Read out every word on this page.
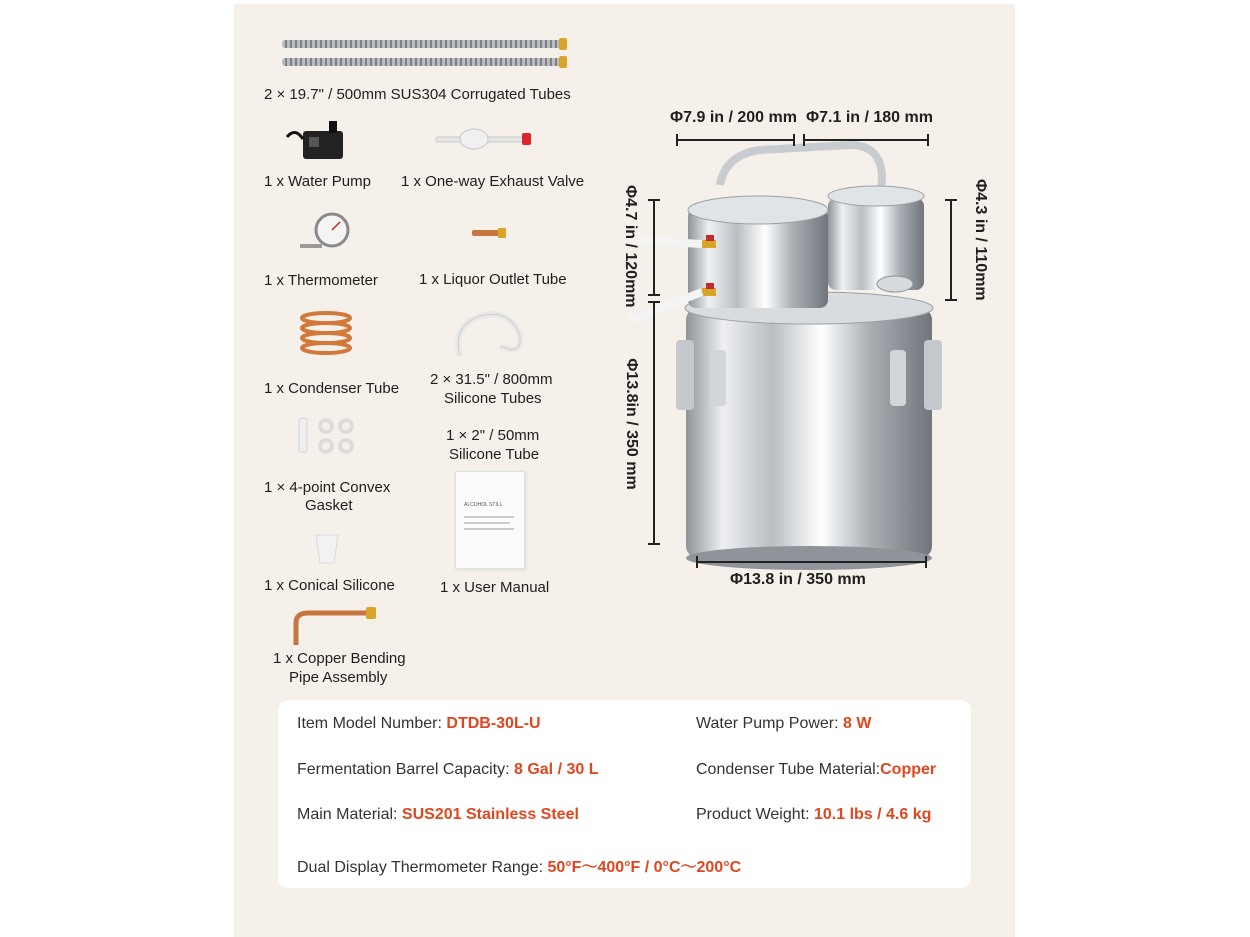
2 × 19.7" / 500mm SUS304 Corrugated Tubes
1 x Water Pump 1 x One-way Exhaust Valve
1 x Thermometer	1 x Liquor Outlet Tube
1 x Condenser Tube
2 × 31.5" / 800mm
Silicone Tubes
1 × 2" / 50mm
Silicone Tube
1 × 4-point Convex
Gasket	ALCOHOL STILL
1 x Conical Silicone	1 x User Manual
1 x Copper Bending
Pipe Assembly
Φ7.9 in / 200 mm Φ7.1 in / 180 mm
Φ4.7 in / 120mm	Φ4.3 in / 110mm
Φ13.8in / 350 mm
Φ13.8 in / 350 mm
Item Model Number: DTDB-30L-U	Water Pump Power: 8 W
Fermentation Barrel Capacity: 8 Gal / 30 L	Condenser Tube Material:Copper
Main Material: SUS201 Stainless Steel	Product Weight: 10.1 lbs / 4.6 kg
Dual Display Thermometer Range: 50°F～400°F / 0°C～200°C
